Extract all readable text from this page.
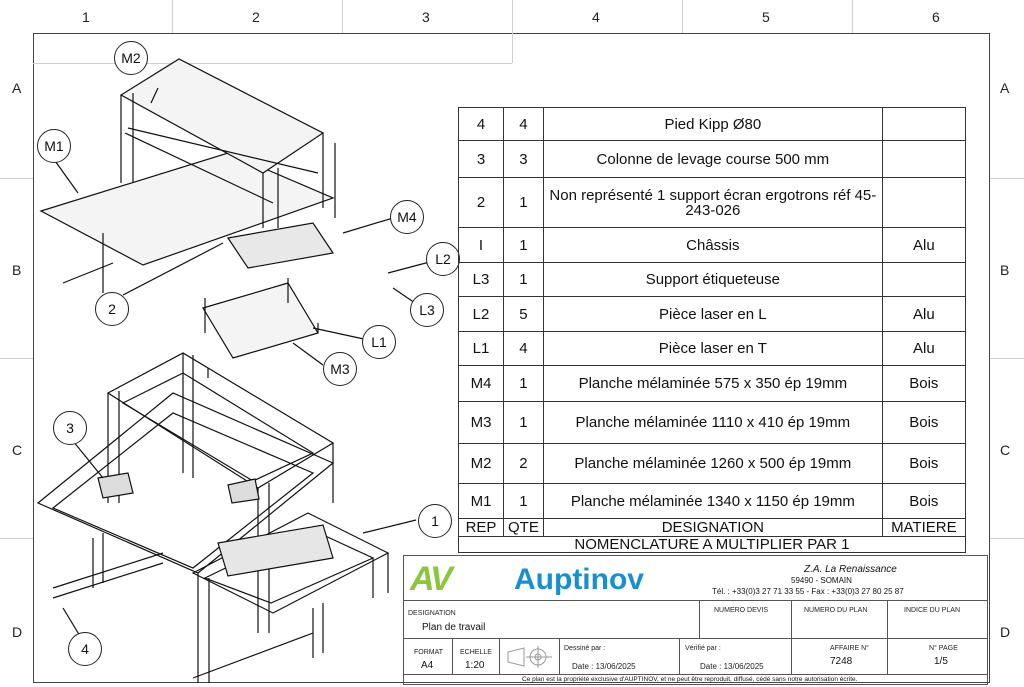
1	2	3	4	5	6
A
B
C
D
A
B
C
D
M2
M1
M4
L2
L3
2
L1
M3
3
1
4
4	4	Pied Kipp Ø80	
3	3	Colonne de levage course 500 mm	
2	1	Non représenté 1 support écran ergotrons réf 45-243-026	
I	1	Châssis	Alu
L3	1	Support étiqueteuse	
L2	5	Pièce laser en L	Alu
L1	4	Pièce laser en T	Alu
M4	1	Planche mélaminée 575 x 350 ép 19mm	Bois
M3	1	Planche mélaminée 1110 x 410 ép 19mm	Bois
M2	2	Planche mélaminée 1260 x 500 ép 19mm	Bois
M1	1	Planche mélaminée 1340 x 1150 ép 19mm	Bois
REP	QTE	DESIGNATION	MATIERE
NOMENCLATURE A MULTIPLIER PAR 1			
AV Auptinov	Z.A. La Renaissance
59490 - SOMAIN
Tél. : +33(0)3 27 71 33 55 - Fax : +33(0)3 27 80 25 87
DESIGNATION
Plan de travail
NUMERO DEVIS	NUMERO DU PLAN	INDICE DU PLAN
FORMAT
A4
ECHELLE
1:20
Dessiné par :
Date : 13/06/2025
Vérifié par :
Date : 13/06/2025
AFFAIRE N°
7248
N° PAGE
1/5
Ce plan est la propriété exclusive d'AUPTINOV, et ne peut être reproduit, diffusé, cédé sans notre autorisation écrite.
